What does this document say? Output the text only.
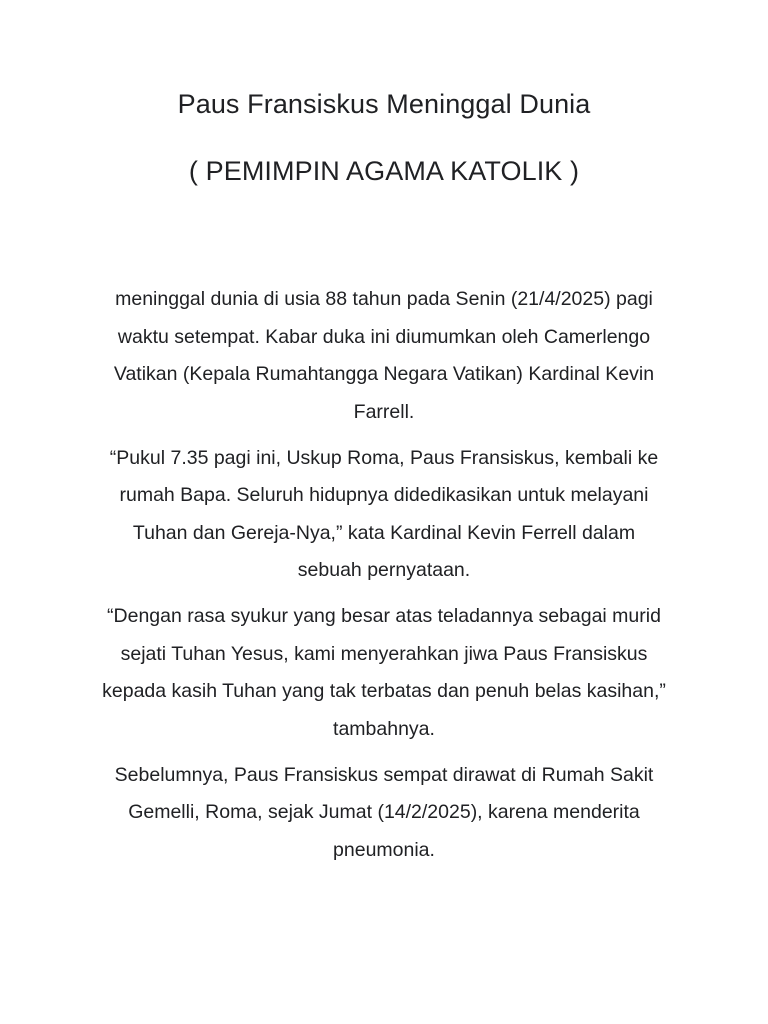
Paus Fransiskus Meninggal Dunia
( PEMIMPIN AGAMA KATOLIK )

meninggal dunia di usia 88 tahun pada Senin (21/4/2025) pagi waktu setempat. Kabar duka ini diumumkan oleh Camerlengo Vatikan (Kepala Rumahtangga Negara Vatikan) Kardinal Kevin Farrell.

“Pukul 7.35 pagi ini, Uskup Roma, Paus Fransiskus, kembali ke rumah Bapa. Seluruh hidupnya didedikasikan untuk melayani Tuhan dan Gereja-Nya,” kata Kardinal Kevin Ferrell dalam sebuah pernyataan.

“Dengan rasa syukur yang besar atas teladannya sebagai murid sejati Tuhan Yesus, kami menyerahkan jiwa Paus Fransiskus kepada kasih Tuhan yang tak terbatas dan penuh belas kasihan,” tambahnya.

Sebelumnya, Paus Fransiskus sempat dirawat di Rumah Sakit Gemelli, Roma, sejak Jumat (14/2/2025), karena menderita pneumonia.
